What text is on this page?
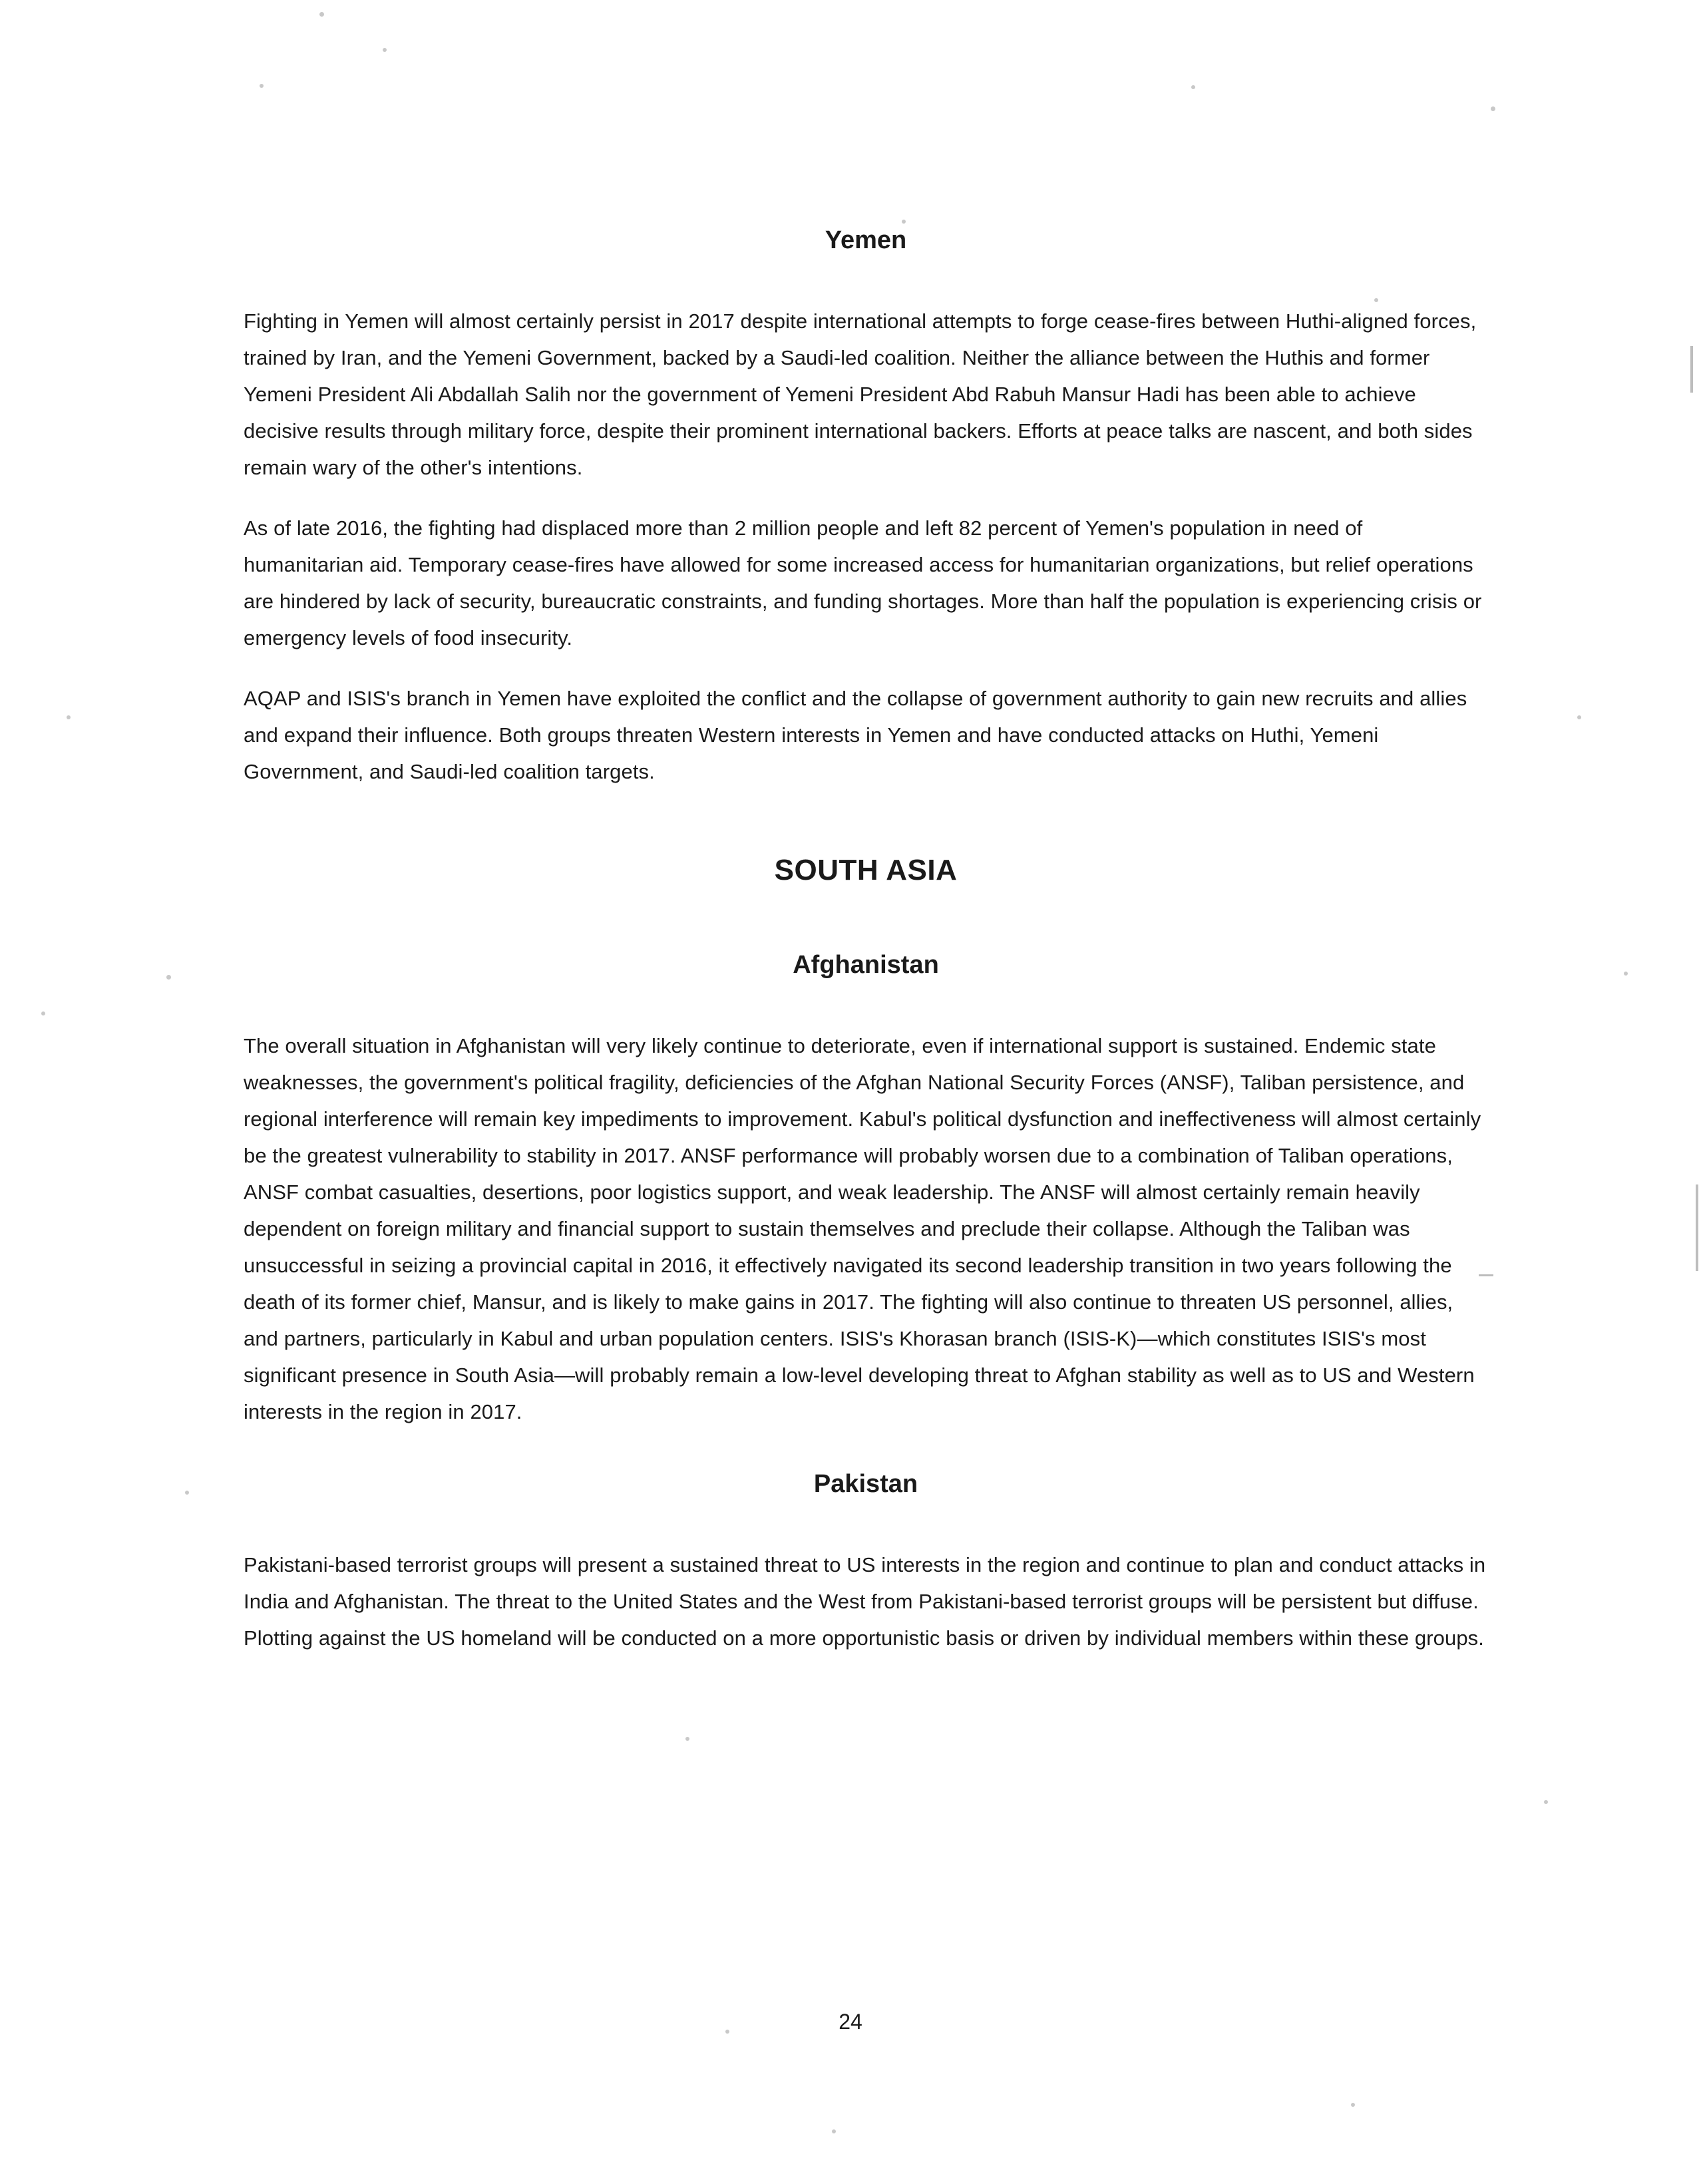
Yemen

Fighting in Yemen will almost certainly persist in 2017 despite international attempts to forge cease-fires between Huthi-aligned forces, trained by Iran, and the Yemeni Government, backed by a Saudi-led coalition. Neither the alliance between the Huthis and former Yemeni President Ali Abdallah Salih nor the government of Yemeni President Abd Rabuh Mansur Hadi has been able to achieve decisive results through military force, despite their prominent international backers. Efforts at peace talks are nascent, and both sides remain wary of the other's intentions.

As of late 2016, the fighting had displaced more than 2 million people and left 82 percent of Yemen's population in need of humanitarian aid. Temporary cease-fires have allowed for some increased access for humanitarian organizations, but relief operations are hindered by lack of security, bureaucratic constraints, and funding shortages. More than half the population is experiencing crisis or emergency levels of food insecurity.

AQAP and ISIS's branch in Yemen have exploited the conflict and the collapse of government authority to gain new recruits and allies and expand their influence. Both groups threaten Western interests in Yemen and have conducted attacks on Huthi, Yemeni Government, and Saudi-led coalition targets.

SOUTH ASIA
Afghanistan

The overall situation in Afghanistan will very likely continue to deteriorate, even if international support is sustained. Endemic state weaknesses, the government's political fragility, deficiencies of the Afghan National Security Forces (ANSF), Taliban persistence, and regional interference will remain key impediments to improvement. Kabul's political dysfunction and ineffectiveness will almost certainly be the greatest vulnerability to stability in 2017. ANSF performance will probably worsen due to a combination of Taliban operations, ANSF combat casualties, desertions, poor logistics support, and weak leadership. The ANSF will almost certainly remain heavily dependent on foreign military and financial support to sustain themselves and preclude their collapse. Although the Taliban was unsuccessful in seizing a provincial capital in 2016, it effectively navigated its second leadership transition in two years following the death of its former chief, Mansur, and is likely to make gains in 2017. The fighting will also continue to threaten US personnel, allies, and partners, particularly in Kabul and urban population centers. ISIS's Khorasan branch (ISIS-K)—which constitutes ISIS's most significant presence in South Asia—will probably remain a low-level developing threat to Afghan stability as well as to US and Western interests in the region in 2017.

Pakistan

Pakistani-based terrorist groups will present a sustained threat to US interests in the region and continue to plan and conduct attacks in India and Afghanistan. The threat to the United States and the West from Pakistani-based terrorist groups will be persistent but diffuse. Plotting against the US homeland will be conducted on a more opportunistic basis or driven by individual members within these groups.

24
